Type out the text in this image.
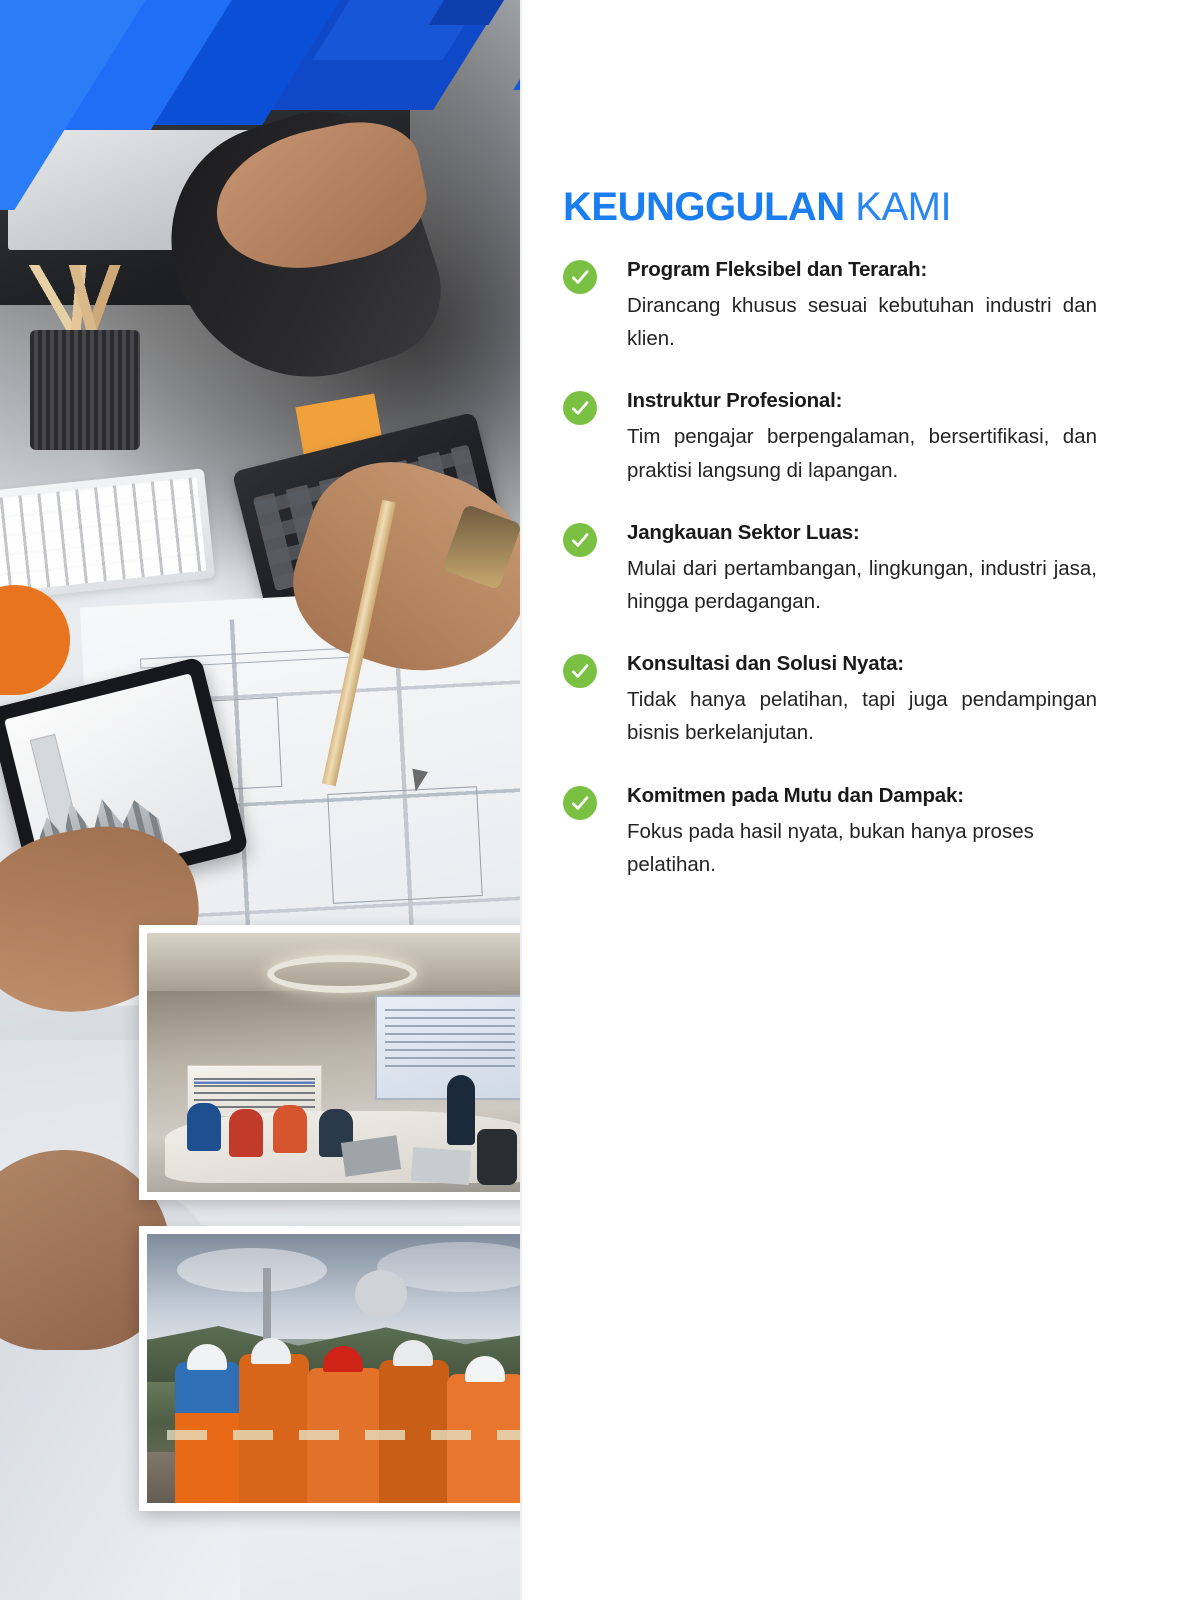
KEUNGGULAN KAMI
Program Fleksibel dan Terarah:

Dirancang khusus sesuai kebutuhan industri dan klien.

Instruktur Profesional:

Tim pengajar berpengalaman, bersertifikasi, dan praktisi langsung di lapangan.

Jangkauan Sektor Luas:

Mulai dari pertambangan, lingkungan, industri jasa, hingga perdagangan.

Konsultasi dan Solusi Nyata:

Tidak hanya pelatihan, tapi juga pendampingan bisnis berkelanjutan.

Komitmen pada Mutu dan Dampak:

Fokus pada hasil nyata, bukan hanya proses pelatihan.
